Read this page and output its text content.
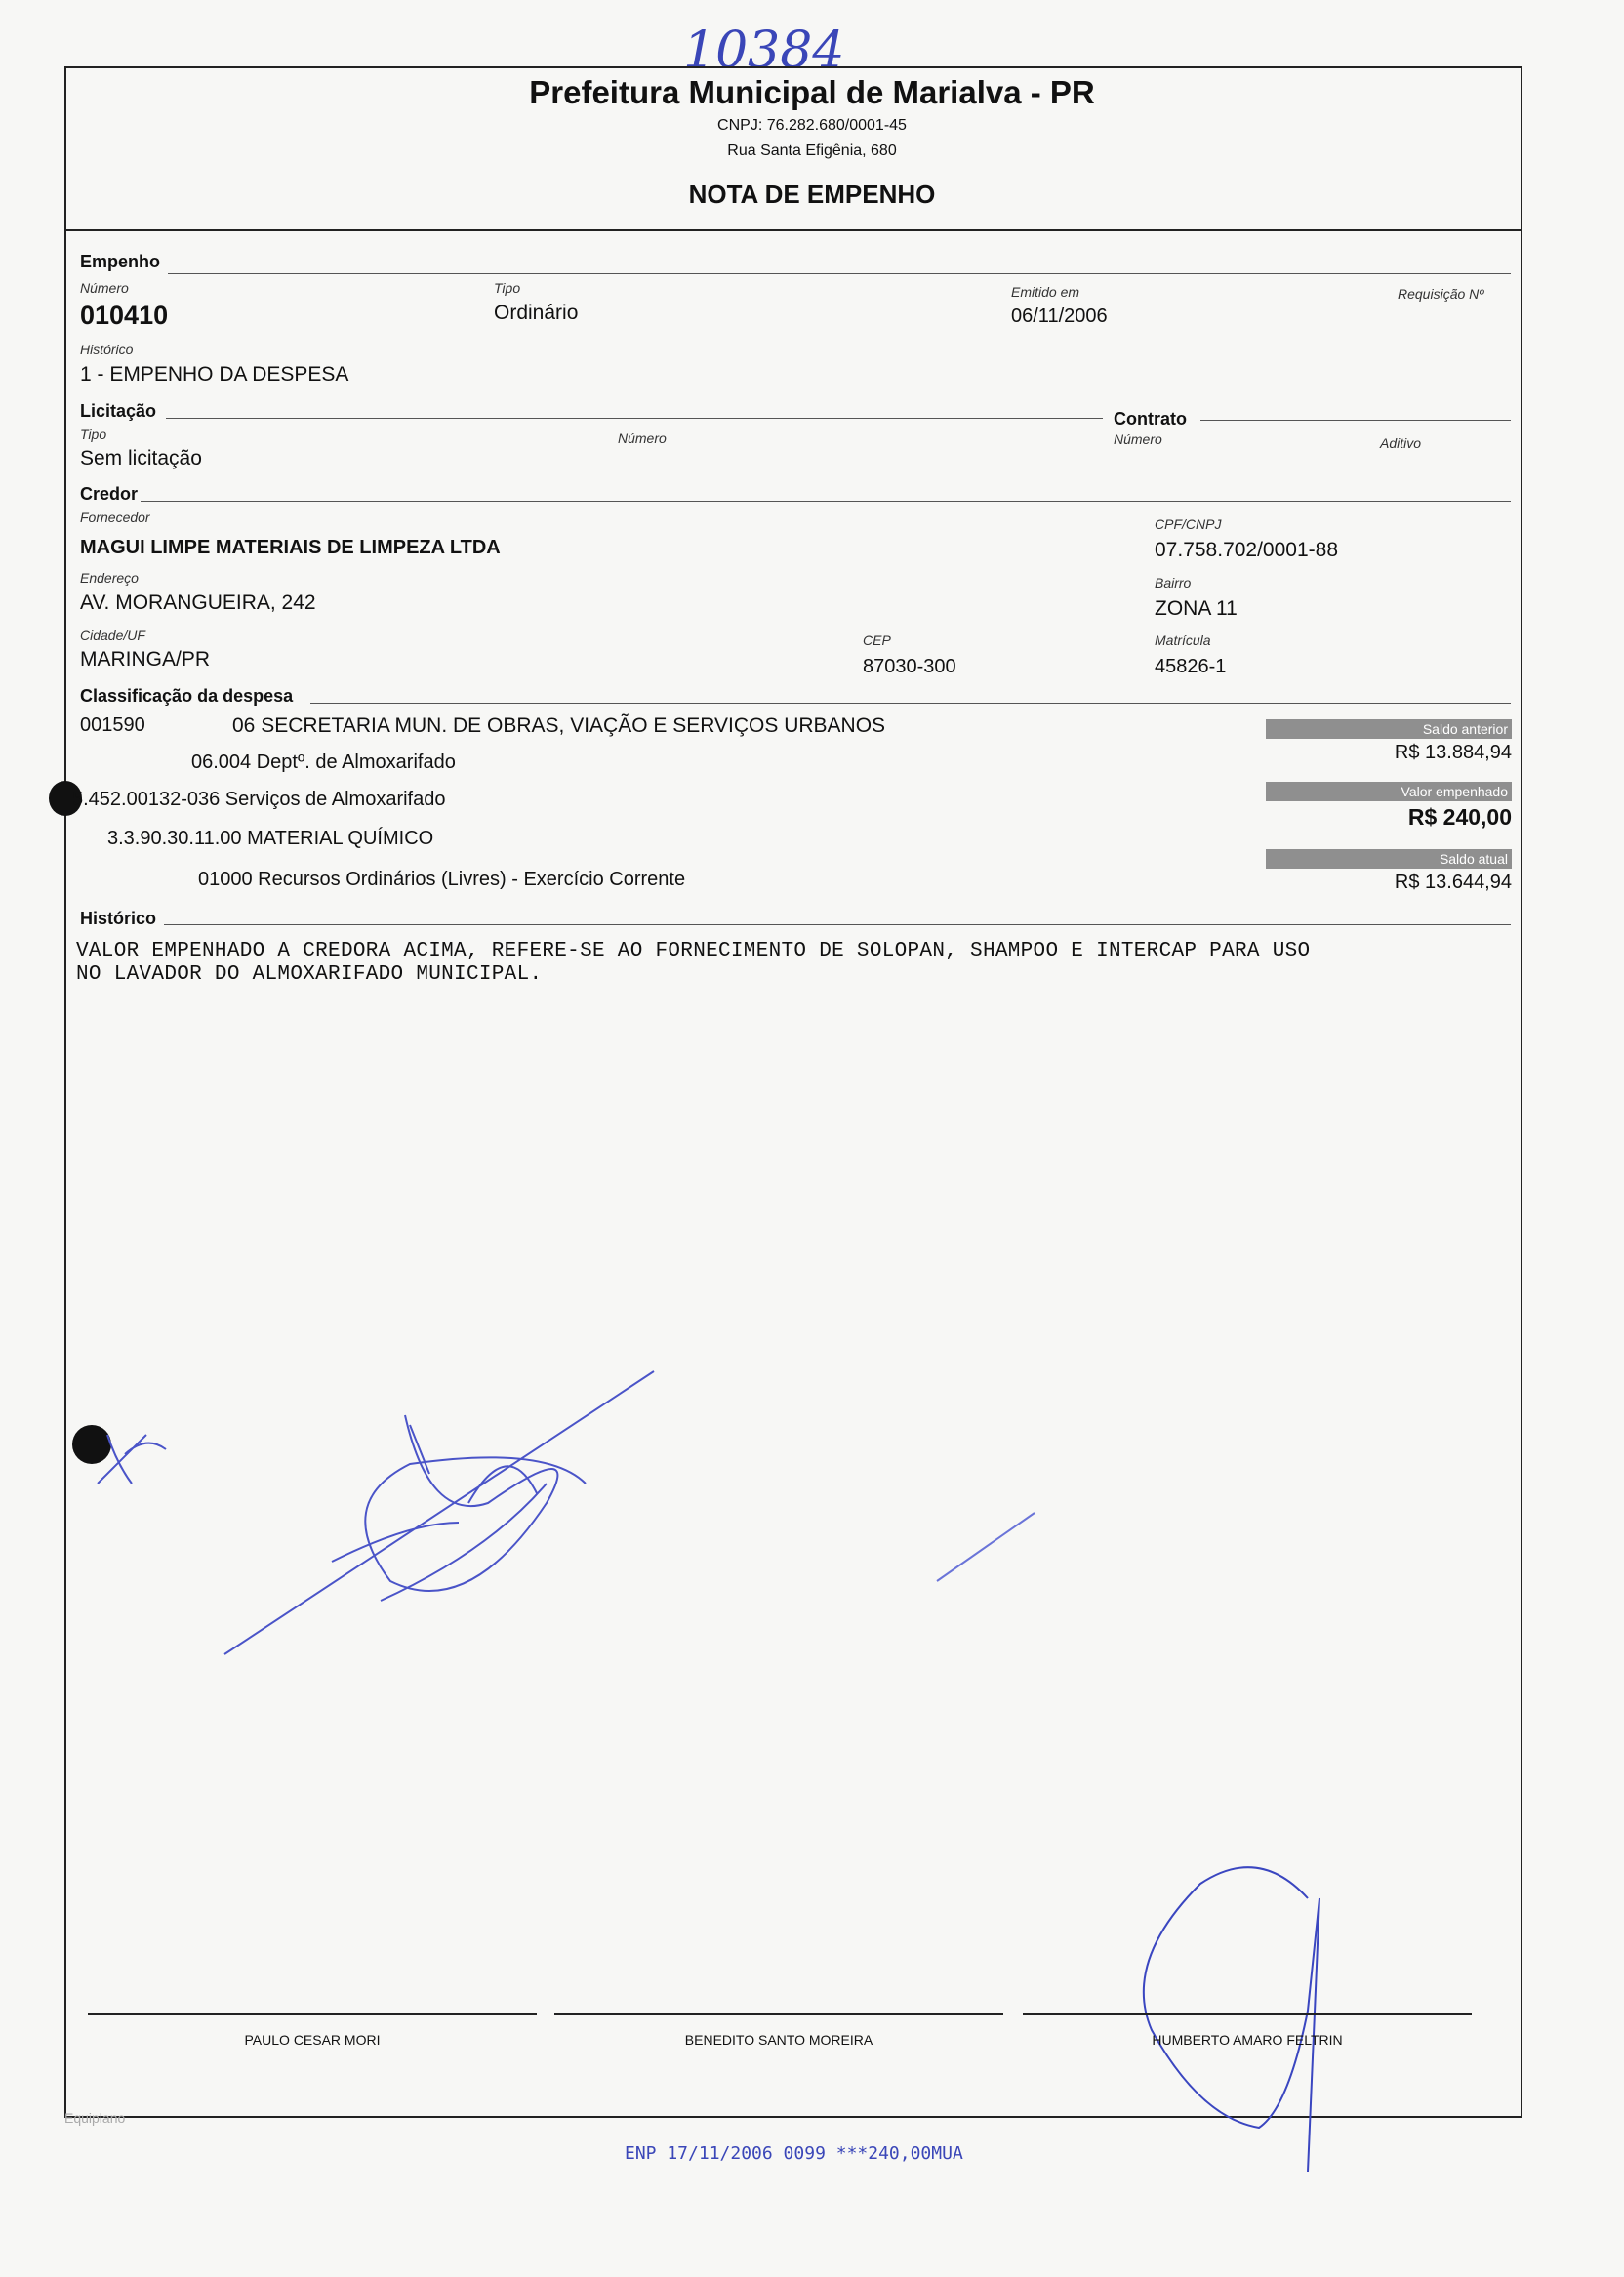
10384
Prefeitura Municipal de Marialva - PR
CNPJ: 76.282.680/0001-45
Rua Santa Efigênia, 680
NOTA DE EMPENHO
Empenho
Número
010410
Tipo
Ordinário
Emitido em
06/11/2006
Requisição Nº
Histórico
1 - EMPENHO DA DESPESA
Licitação
Tipo
Sem licitação
Número
Contrato
Número	Aditivo
Credor
Fornecedor
MAGUI LIMPE MATERIAIS DE LIMPEZA LTDA
CPF/CNPJ
07.758.702/0001-88
Endereço
AV. MORANGUEIRA, 242
Bairro
ZONA 11
Cidade/UF
MARINGA/PR
CEP
87030-300
Matrícula
45826-1
Classificação da despesa
001590	06 SECRETARIA MUN. DE OBRAS, VIAÇÃO E SERVIÇOS URBANOS
06.004 Deptº. de Almoxarifado
5.452.00132-036 Serviços de Almoxarifado
3.3.90.30.11.00 MATERIAL QUÍMICO
01000 Recursos Ordinários (Livres) - Exercício Corrente
Saldo anterior
R$ 13.884,94
Valor empenhado
R$ 240,00
Saldo atual
R$ 13.644,94
Histórico
VALOR EMPENHADO A CREDORA ACIMA, REFERE-SE AO FORNECIMENTO DE SOLOPAN, SHAMPOO E INTERCAP PARA USO
NO LAVADOR DO ALMOXARIFADO MUNICIPAL.
PAULO CESAR MORI	BENEDITO SANTO MOREIRA	HUMBERTO AMARO FELTRIN
Equiplano
ENP 17/11/2006 0099 ***240,00MUA
